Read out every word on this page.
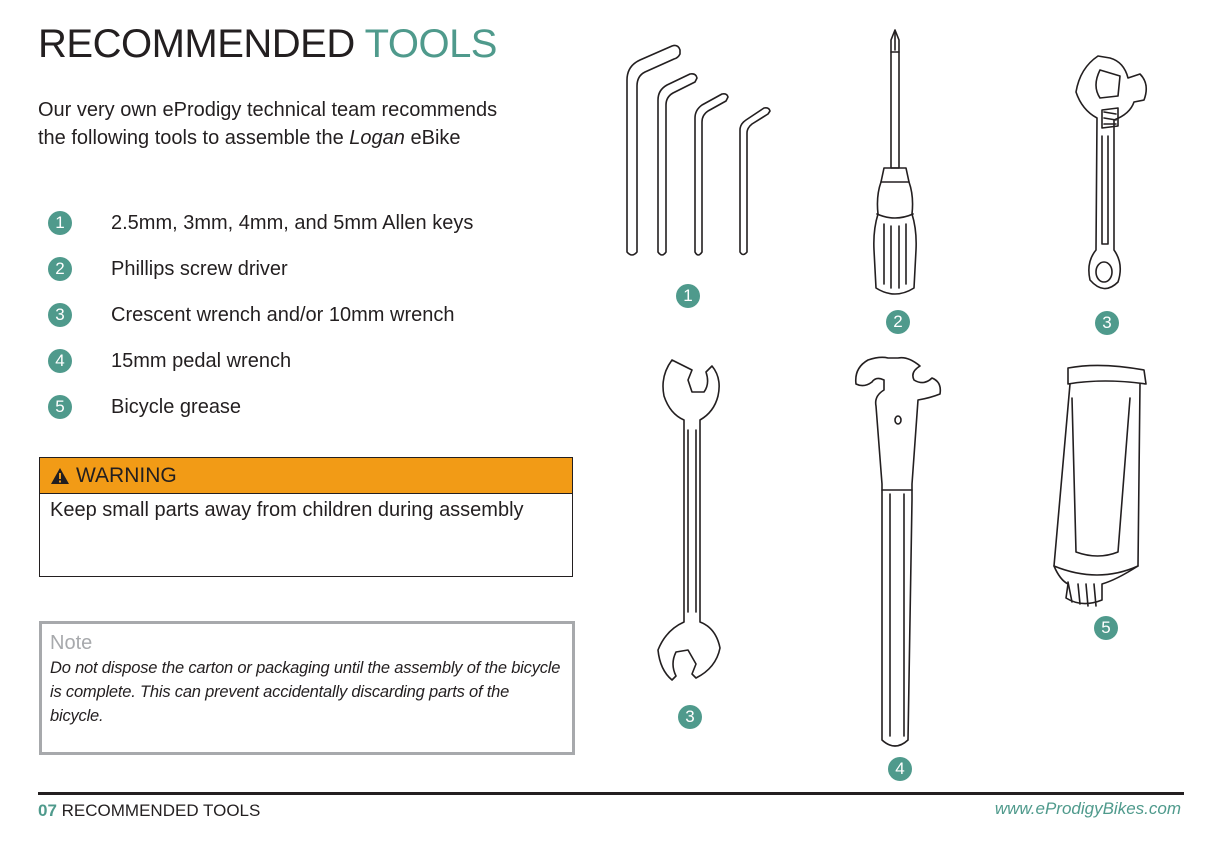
RECOMMENDED TOOLS
Our very own eProdigy technical team recommends
the following tools to assemble the Logan eBike
1	2.5mm, 3mm, 4mm, and 5mm Allen keys
2	Phillips screw driver
3	Crescent wrench and/or 10mm wrench
4	15mm pedal wrench
5	Bicycle grease
WARNING
Keep small parts away from children during assembly
Note
Do not dispose the carton or packaging until the assembly of the bicycle is complete. This can prevent accidentally discarding parts of the bicycle.
1
2	3
3
4
5
07 RECOMMENDED TOOLS	www.eProdigyBikes.com
